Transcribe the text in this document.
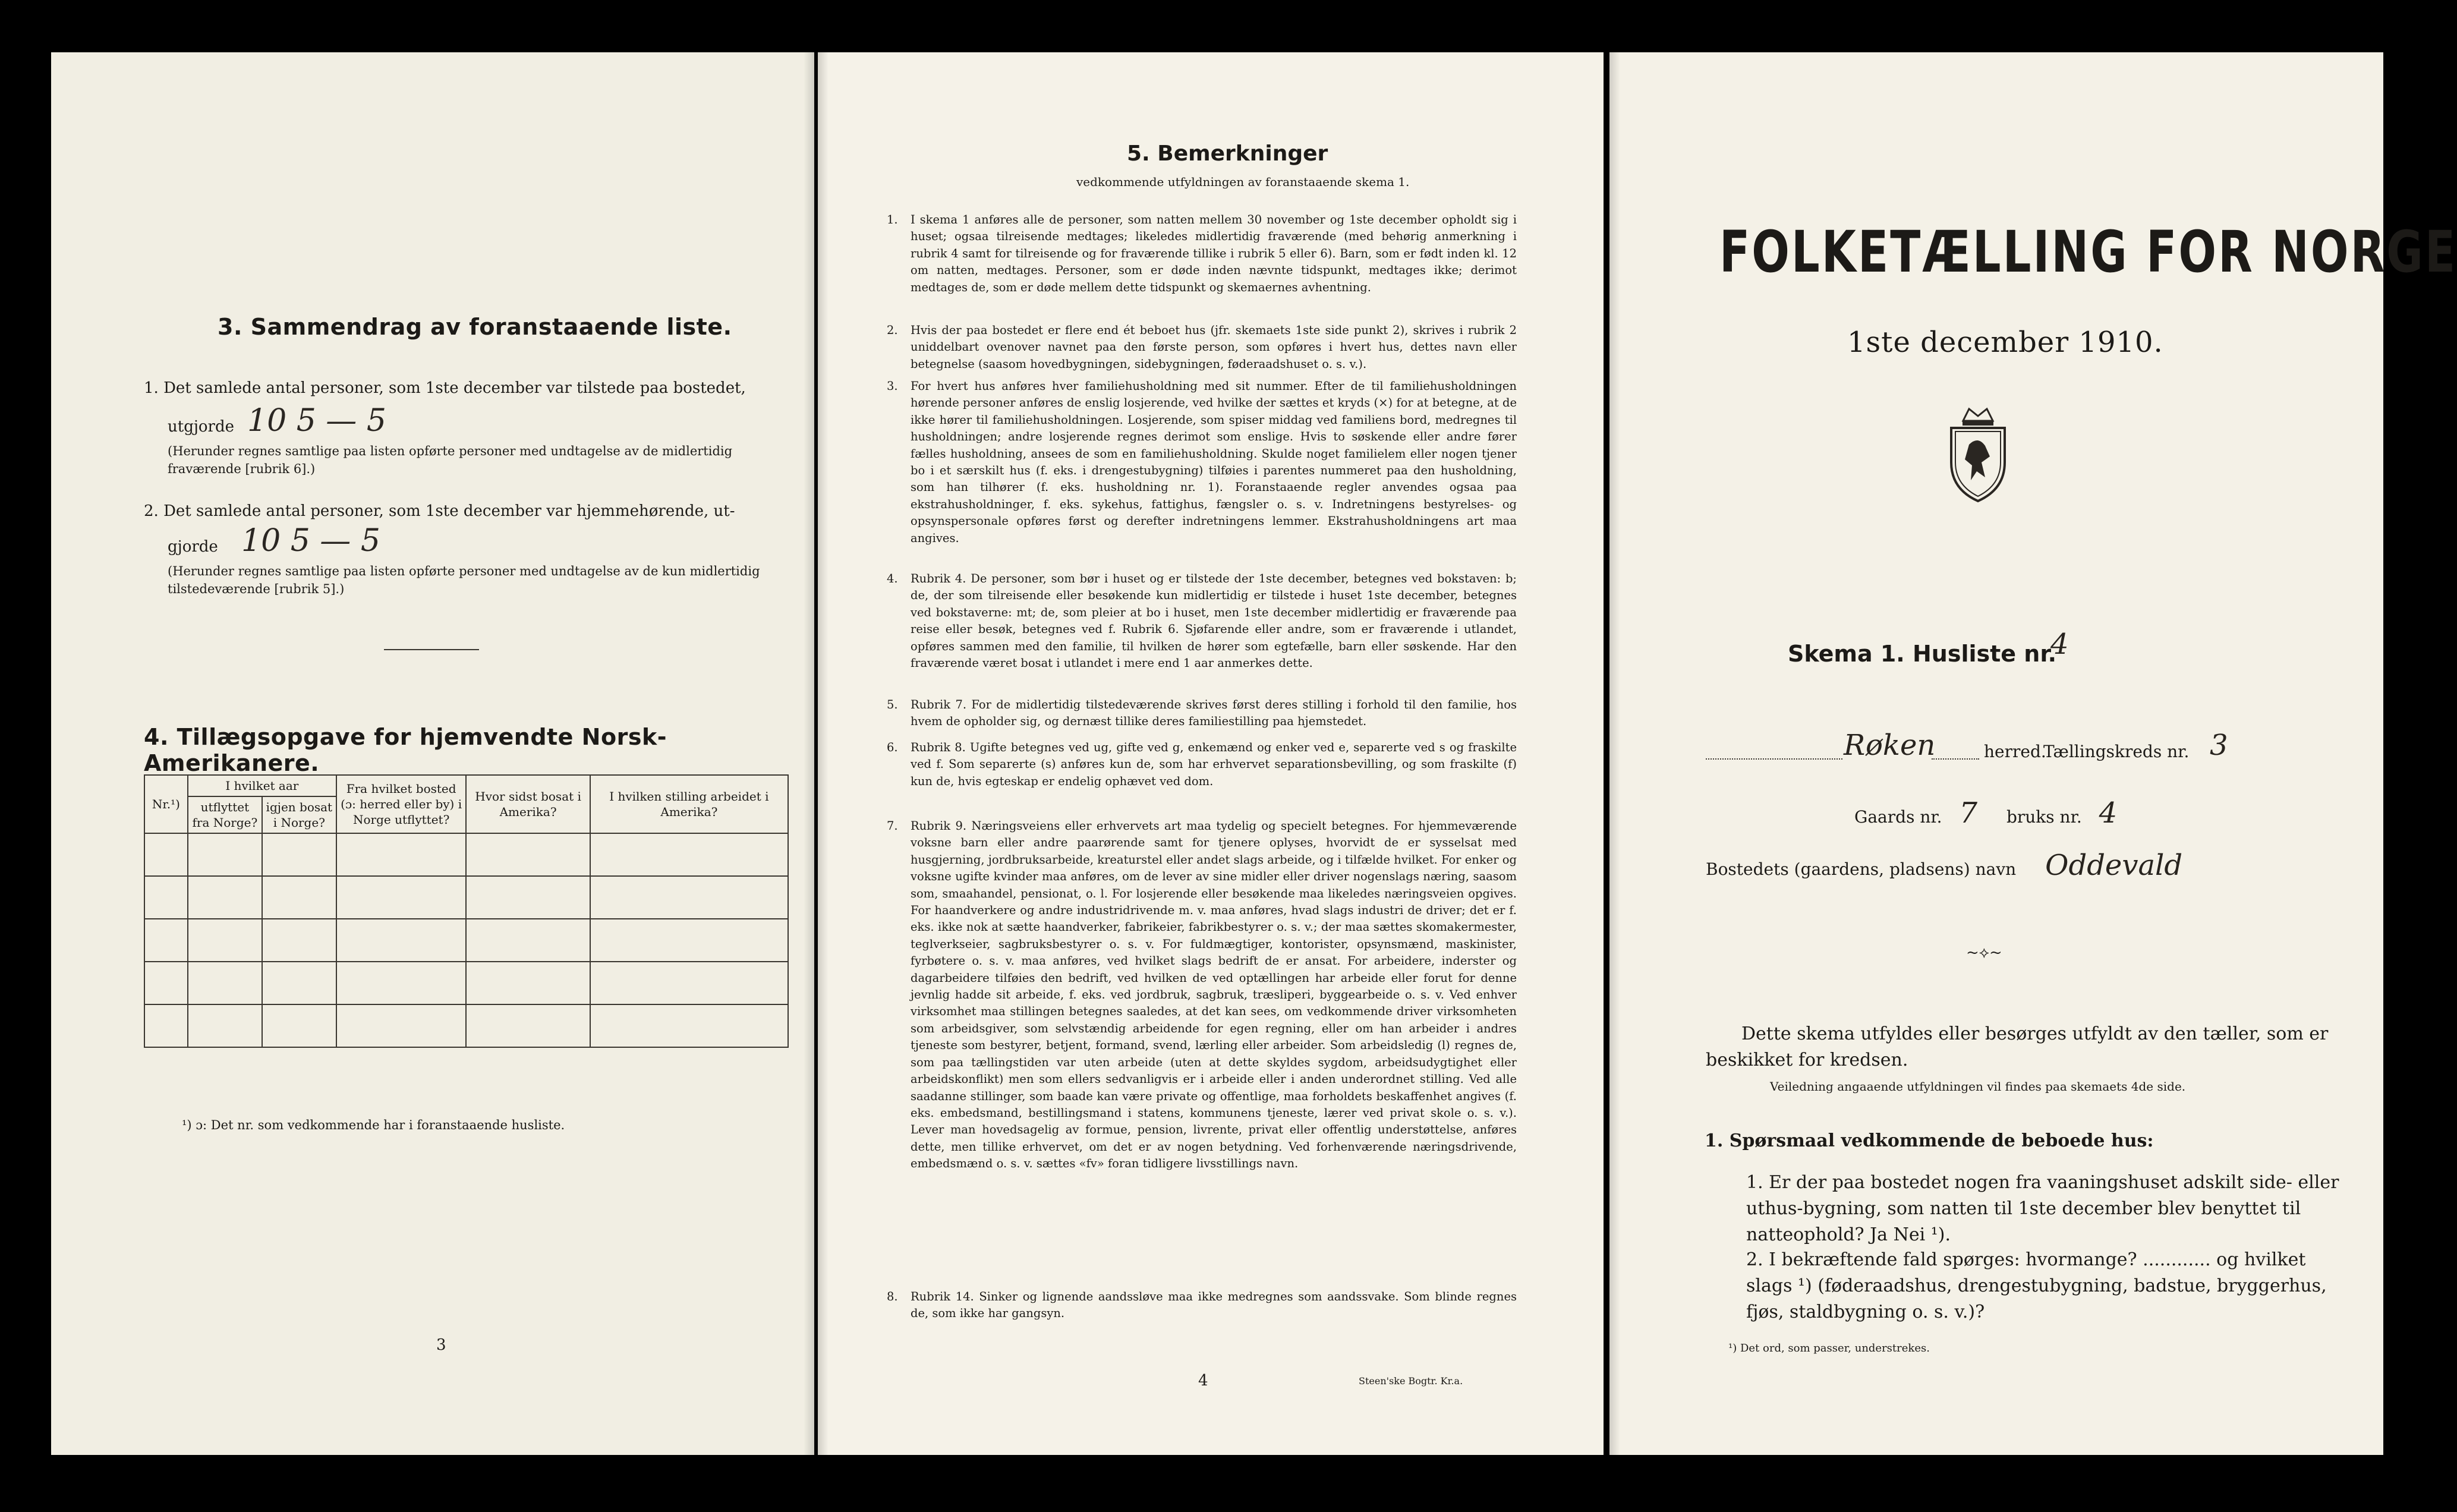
3. Sammendrag av foranstaaende liste.
1. Det samlede antal personer, som 1ste december var tilstede paa bostedet,
utgjorde 10 5 — 5
(Herunder regnes samtlige paa listen opførte personer med undtagelse av de midlertidig fraværende [rubrik 6].)
2. Det samlede antal personer, som 1ste december var hjemmehørende, ut-
gjorde 10 5 — 5
(Herunder regnes samtlige paa listen opførte personer med undtagelse av de kun midlertidig tilstedeværende [rubrik 5].)
4. Tillægsopgave for hjemvendte Norsk-Amerikanere.
Nr.¹)	I hvilket aar		Fra hvilket bosted (ɔ: herred eller by) i Norge utflyttet?	Hvor sidst bosat i Amerika?	I hvilken stilling arbeidet i Amerika?
	utflyttet fra Norge?	igjen bosat i Norge?			

¹) ɔ: Det nr. som vedkommende har i foranstaaende husliste.
3
5. Bemerkninger
vedkommende utfyldningen av foranstaaende skema 1.
1. I skema 1 anføres alle de personer, som natten mellem 30 november og 1ste december opholdt sig i huset; ogsaa tilreisende medtages; likeledes midlertidig fraværende (med behørig anmerkning i rubrik 4 samt for tilreisende og for fraværende tillike i rubrik 5 eller 6). Barn, som er født inden kl. 12 om natten, medtages. Personer, som er døde inden nævnte tidspunkt, medtages ikke; derimot medtages de, som er døde mellem dette tidspunkt og skemaernes avhentning.
2. Hvis der paa bostedet er flere end ét beboet hus (jfr. skemaets 1ste side punkt 2), skrives i rubrik 2 uniddelbart ovenover navnet paa den første person, som opføres i hvert hus, dettes navn eller betegnelse (saasom hovedbygningen, sidebygningen, føderaadshuset o. s. v.).
3. For hvert hus anføres hver familiehusholdning med sit nummer. Efter de til familiehusholdningen hørende personer anføres de enslig losjerende, ved hvilke der sættes et kryds (×) for at betegne, at de ikke hører til familiehusholdningen. Losjerende, som spiser middag ved familiens bord, medregnes til husholdningen; andre losjerende regnes derimot som enslige. Hvis to søskende eller andre fører fælles husholdning, ansees de som en familiehusholdning. Skulde noget familielem eller nogen tjener bo i et særskilt hus (f. eks. i drengestubygning) tilføies i parentes nummeret paa den husholdning, som han tilhører (f. eks. husholdning nr. 1). Foranstaaende regler anvendes ogsaa paa ekstrahusholdninger, f. eks. sykehus, fattighus, fængsler o. s. v. Indretningens bestyrelses- og opsynspersonale opføres først og derefter indretningens lemmer. Ekstrahusholdningens art maa angives.
4. Rubrik 4. De personer, som bør i huset og er tilstede der 1ste december, betegnes ved bokstaven: b; de, der som tilreisende eller besøkende kun midlertidig er tilstede i huset 1ste december, betegnes ved bokstaverne: mt; de, som pleier at bo i huset, men 1ste december midlertidig er fraværende paa reise eller besøk, betegnes ved f. Rubrik 6. Sjøfarende eller andre, som er fraværende i utlandet, opføres sammen med den familie, til hvilken de hører som egtefælle, barn eller søskende. Har den fraværende været bosat i utlandet i mere end 1 aar anmerkes dette.
5. Rubrik 7. For de midlertidig tilstedeværende skrives først deres stilling i forhold til den familie, hos hvem de opholder sig, og dernæst tillike deres familiestilling paa hjemstedet.
6. Rubrik 8. Ugifte betegnes ved ug, gifte ved g, enkemænd og enker ved e, separerte ved s og fraskilte ved f. Som separerte (s) anføres kun de, som har erhvervet separationsbevilling, og som fraskilte (f) kun de, hvis egteskap er endelig ophævet ved dom.
7. Rubrik 9. Næringsveiens eller erhvervets art maa tydelig og specielt betegnes. For hjemmeværende voksne barn eller andre paarørende samt for tjenere oplyses, hvorvidt de er sysselsat med husgjerning, jordbruksarbeide, kreaturstel eller andet slags arbeide, og i tilfælde hvilket. For enker og voksne ugifte kvinder maa anføres, om de lever av sine midler eller driver nogenslags næring, saasom som, smaahandel, pensionat, o. l. For losjerende eller besøkende maa likeledes næringsveien opgives. For haandverkere og andre industridrivende m. v. maa anføres, hvad slags industri de driver; det er f. eks. ikke nok at sætte haandverker, fabrikeier, fabrikbestyrer o. s. v.; der maa sættes skomakermester, teglverkseier, sagbruksbestyrer o. s. v. For fuldmægtiger, kontorister, opsynsmænd, maskinister, fyrbøtere o. s. v. maa anføres, ved hvilket slags bedrift de er ansat. For arbeidere, inderster og dagarbeidere tilføies den bedrift, ved hvilken de ved optællingen har arbeide eller forut for denne jevnlig hadde sit arbeide, f. eks. ved jordbruk, sagbruk, træsliperi, byggearbeide o. s. v. Ved enhver virksomhet maa stillingen betegnes saaledes, at det kan sees, om vedkommende driver virksomheten som arbeidsgiver, som selvstændig arbeidende for egen regning, eller om han arbeider i andres tjeneste som bestyrer, betjent, formand, svend, lærling eller arbeider. Som arbeidsledig (l) regnes de, som paa tællingstiden var uten arbeide (uten at dette skyldes sygdom, arbeidsudygtighet eller arbeidskonflikt) men som ellers sedvanligvis er i arbeide eller i anden underordnet stilling. Ved alle saadanne stillinger, som baade kan være private og offentlige, maa forholdets beskaffenhet angives (f. eks. embedsmand, bestillingsmand i statens, kommunens tjeneste, lærer ved privat skole o. s. v.). Lever man hovedsagelig av formue, pension, livrente, privat eller offentlig understøttelse, anføres dette, men tillike erhvervet, om det er av nogen betydning. Ved forhenværende næringsdrivende, embedsmænd o. s. v. sættes «fv» foran tidligere livsstillings navn.
8. Rubrik 14. Sinker og lignende aandssløve maa ikke medregnes som aandssvake. Som blinde regnes de, som ikke har gangsyn.
4	Steen'ske Bogtr. Kr.a.
FOLKETÆLLING FOR NORGE
1ste december 1910.
Skema 1. Husliste nr.
4
Røken	herred.
Tællingskreds nr. 3
Gaards nr. 7 bruks nr. 4
Bostedets (gaardens, pladsens) navn Oddevald
~⟡~
Dette skema utfyldes eller besørges utfyldt av den tæller, som er beskikket for kredsen.
Veiledning angaaende utfyldningen vil findes paa skemaets 4de side.
1. Spørsmaal vedkommende de beboede hus:
1. Er der paa bostedet nogen fra vaaningshuset adskilt side- eller uthus-bygning, som natten til 1ste december blev benyttet til natteophold? Ja Nei ¹).
2. I bekræftende fald spørges: hvormange? ............ og hvilket slags ¹) (føderaadshus, drengestubygning, badstue, bryggerhus, fjøs, staldbygning o. s. v.)?
¹) Det ord, som passer, understrekes.
